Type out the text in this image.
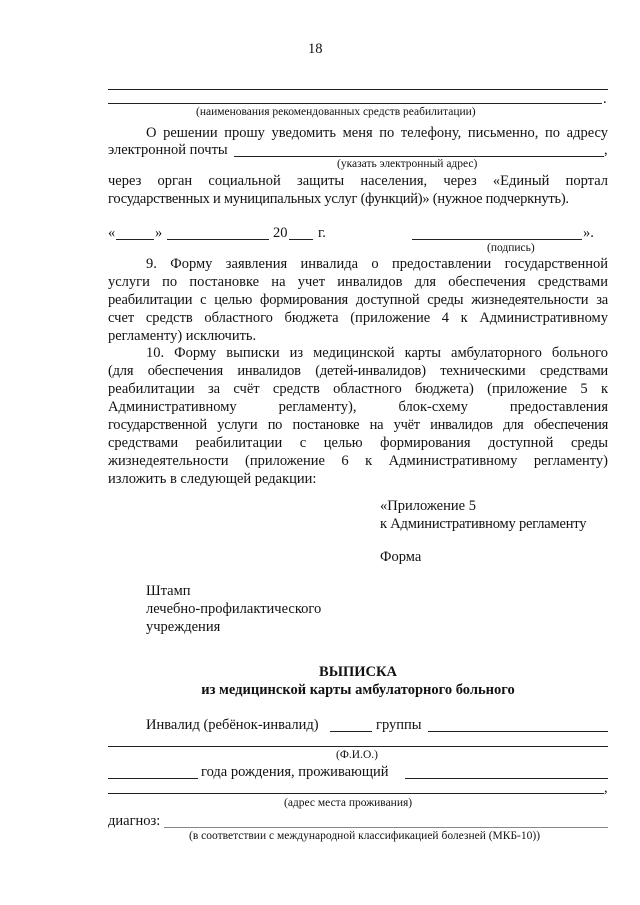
18
.
(наименования рекомендованных средств реабилитации)
О решении прошу уведомить меня по телефону, письменно, по адресу
электронной почты	,
(указать электронный адрес)
через орган социальной защиты населения, через «Единый портал
государственных и муниципальных услуг (функций)» (нужное подчеркнуть).
«	»	20 г.	».
(подпись)
9. Форму заявления инвалида о предоставлении государственной
услуги по постановке на учет инвалидов для обеспечения средствами
реабилитации с целью формирования доступной среды жизнедеятельности за
счет средств областного бюджета (приложение 4 к Административному
регламенту) исключить.
10. Форму выписки из медицинской карты амбулаторного больного
(для обеспечения инвалидов (детей-инвалидов) техническими средствами
реабилитации за счёт средств областного бюджета) (приложение 5 к
Административному регламенту), блок-схему предоставления
государственной услуги по постановке на учёт инвалидов для обеспечения
средствами реабилитации с целью формирования доступной среды
жизнедеятельности (приложение 6 к Административному регламенту)
изложить в следующей редакции:
«Приложение 5
к Административному регламенту
Форма
Штамп
лечебно-профилактического
учреждения
ВЫПИСКА
из медицинской карты амбулаторного больного
Инвалид (ребёнок-инвалид)	группы
(Ф.И.О.)
года рождения, проживающий
,
(адрес места проживания)
диагноз:
(в соответствии с международной классификацией болезней (МКБ-10))
